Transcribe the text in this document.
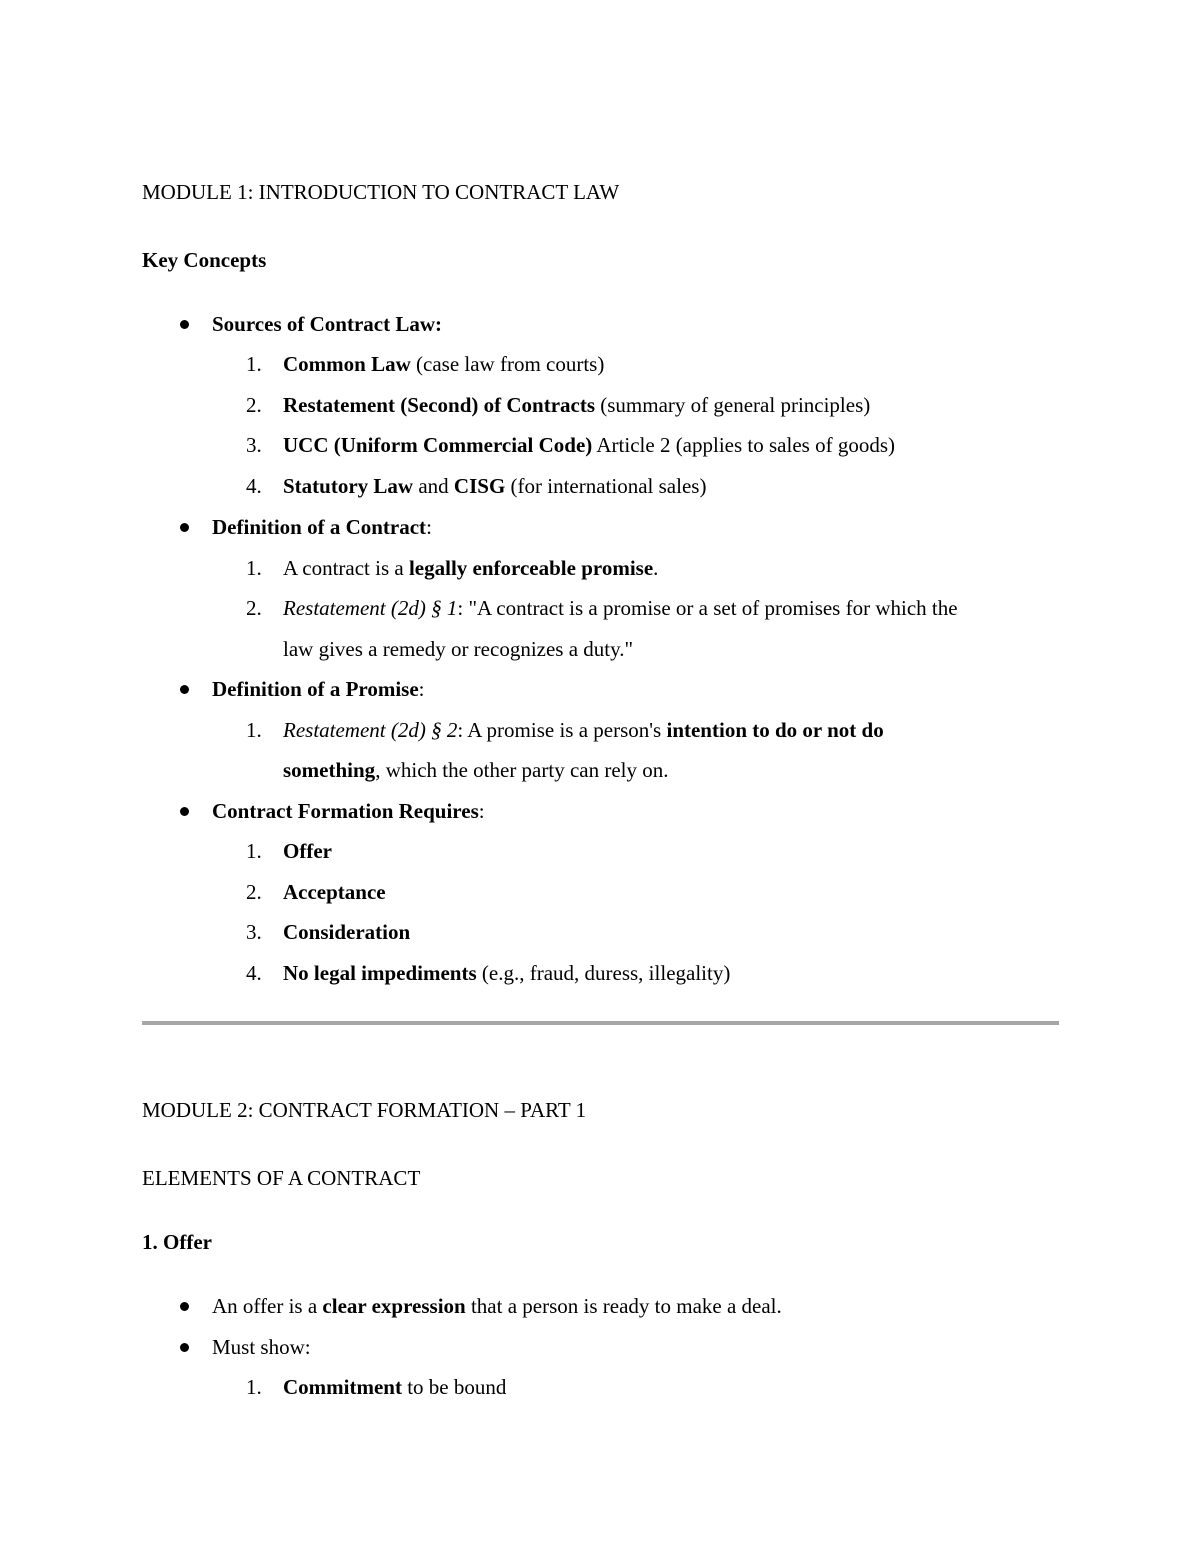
MODULE 1: INTRODUCTION TO CONTRACT LAW
Key Concepts
Sources of Contract Law:
1. Common Law (case law from courts)
2. Restatement (Second) of Contracts (summary of general principles)
3. UCC (Uniform Commercial Code) Article 2 (applies to sales of goods)
4. Statutory Law and CISG (for international sales)
Definition of a Contract:
1. A contract is a legally enforceable promise.
2. Restatement (2d) § 1: "A contract is a promise or a set of promises for which the
law gives a remedy or recognizes a duty."
Definition of a Promise:
1. Restatement (2d) § 2: A promise is a person's intention to do or not do
something, which the other party can rely on.
Contract Formation Requires:
1. Offer
2. Acceptance
3. Consideration
4. No legal impediments (e.g., fraud, duress, illegality)
MODULE 2: CONTRACT FORMATION – PART 1
ELEMENTS OF A CONTRACT
1. Offer
An offer is a clear expression that a person is ready to make a deal.
Must show:
1. Commitment to be bound
